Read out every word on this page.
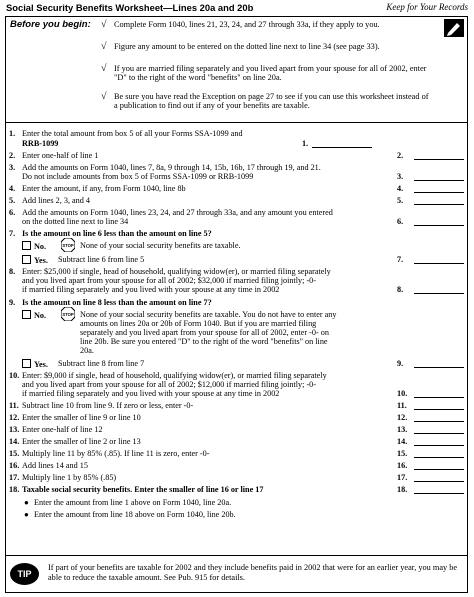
Social Security Benefits Worksheet—Lines 20a and 20b	Keep for Your Records
Before you begin: √ Complete Form 1040, lines 21, 23, 24, and 27 through 33a, if they apply to you.
√ Figure any amount to be entered on the dotted line next to line 34 (see page 33).
√ If you are married filing separately and you lived apart from your spouse for all of 2002, enter "D" to the right of the word "benefits" on line 20a.
√ Be sure you have read the Exception on page 27 to see if you can use this worksheet instead of a publication to find out if any of your benefits are taxable.
1. Enter the total amount from box 5 of all your Forms SSA-1099 and
RRB-1099	1.
2. Enter one-half of line 1	2.
3. Add the amounts on Form 1040, lines 7, 8a, 9 through 14, 15b, 16b, 17 through 19, and 21.
Do not include amounts from box 5 of Forms SSA-1099 or RRB-1099	3.
4. Enter the amount, if any, from Form 1040, line 8b	4.
5. Add lines 2, 3, and 4	5.
6. Add the amounts on Form 1040, lines 23, 24, and 27 through 33a, and any amount you entered
on the dotted line next to line 34	6.
7. Is the amount on line 6 less than the amount on line 5?
No.	STOP None of your social security benefits are taxable.
Yes. Subtract line 6 from line 5	7.
8. Enter: $25,000 if single, head of household, qualifying widow(er), or married filing separately
and you lived apart from your spouse for all of 2002; $32,000 if married filing jointly; -0-
if married filing separately and you lived with your spouse at any time in 2002	8.
9. Is the amount on line 8 less than the amount on line 7?
No.	STOP None of your social security benefits are taxable. You do not have to enter any
amounts on lines 20a or 20b of Form 1040. But if you are married filing
separately and you lived apart from your spouse for all of 2002, enter -0- on
line 20b. Be sure you entered "D" to the right of the word "benefits" on line
20a.
Yes. Subtract line 8 from line 7	9.
10. Enter: $9,000 if single, head of household, qualifying widow(er), or married filing separately
and you lived apart from your spouse for all of 2002; $12,000 if married filing jointly; -0-
if married filing separately and you lived with your spouse at any time in 2002	10.
11. Subtract line 10 from line 9. If zero or less, enter -0-	11.
12. Enter the smaller of line 9 or line 10	12.
13. Enter one-half of line 12	13.
14. Enter the smaller of line 2 or line 13	14.
15. Multiply line 11 by 85% (.85). If line 11 is zero, enter -0-	15.
16. Add lines 14 and 15	16.
17. Multiply line 1 by 85% (.85)	17.
18. Taxable social security benefits. Enter the smaller of line 16 or line 17	18.
● Enter the amount from line 1 above on Form 1040, line 20a.
● Enter the amount from line 18 above on Form 1040, line 20b.
TIP
If part of your benefits are taxable for 2002 and they include benefits paid in 2002 that were for an earlier year, you may be able to reduce the taxable amount. See Pub. 915 for details.
